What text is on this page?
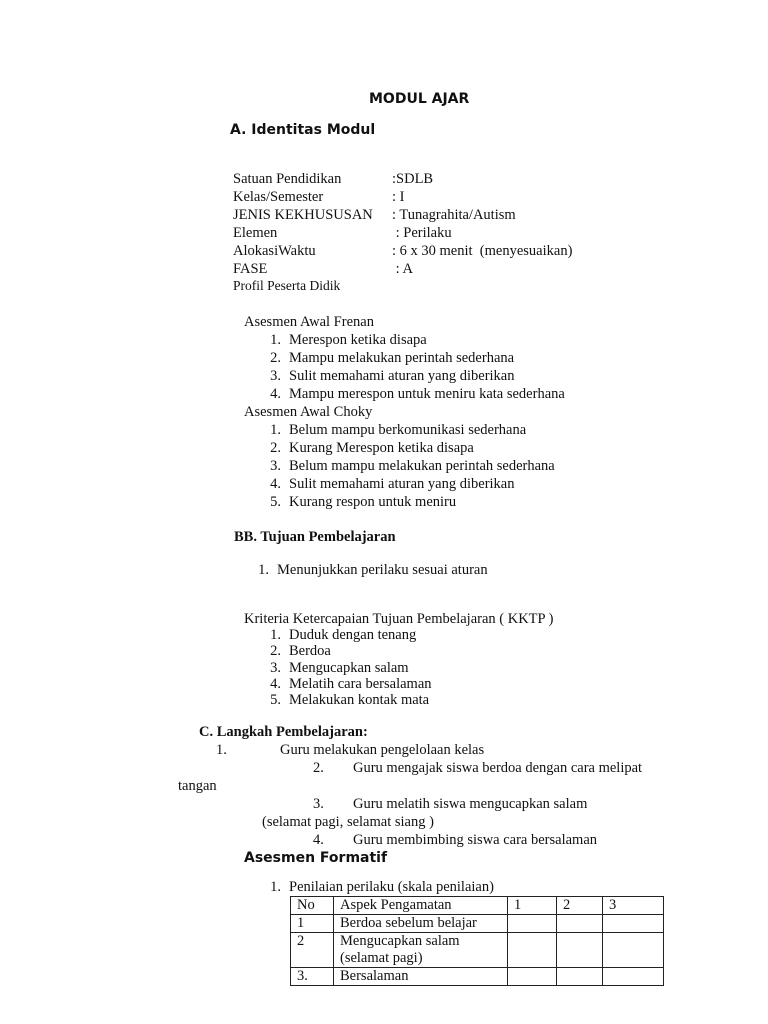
MODUL AJAR
A. Identitas Modul
Satuan Pendidikan	:SDLB
Kelas/Semester	: I
JENIS KEKHUSUSAN : Tunagrahita/Autism
Elemen	: Perilaku
AlokasiWaktu	: 6 x 30 menit  (menyesuaikan)
FASE	: A
Profil Peserta Didik
Asesmen Awal Frenan
1. Merespon ketika disapa
2. Mampu melakukan perintah sederhana
3. Sulit memahami aturan yang diberikan
4. Mampu merespon untuk meniru kata sederhana
Asesmen Awal Choky
1. Belum mampu berkomunikasi sederhana
2. Kurang Merespon ketika disapa
3. Belum mampu melakukan perintah sederhana
4. Sulit memahami aturan yang diberikan
5. Kurang respon untuk meniru
BB. Tujuan Pembelajaran
1. Menunjukkan perilaku sesuai aturan
Kriteria Ketercapaian Tujuan Pembelajaran ( KKTP )
1. Duduk dengan tenang
2. Berdoa
3. Mengucapkan salam
4. Melatih cara bersalaman
5. Melakukan kontak mata
C. Langkah Pembelajaran:
1.	Guru melakukan pengelolaan kelas
2. Guru mengajak siswa berdoa dengan cara melipat
tangan
3. Guru melatih siswa mengucapkan salam
(selamat pagi, selamat siang )
4. Guru membimbing siswa cara bersalaman
Asesmen Formatif
1. Penilaian perilaku (skala penilaian)
No	Aspek Pengamatan	1	2	3
1	Berdoa sebelum belajar			
2	Mengucapkan salam
(selamat pagi)			

3.	Bersalaman			
